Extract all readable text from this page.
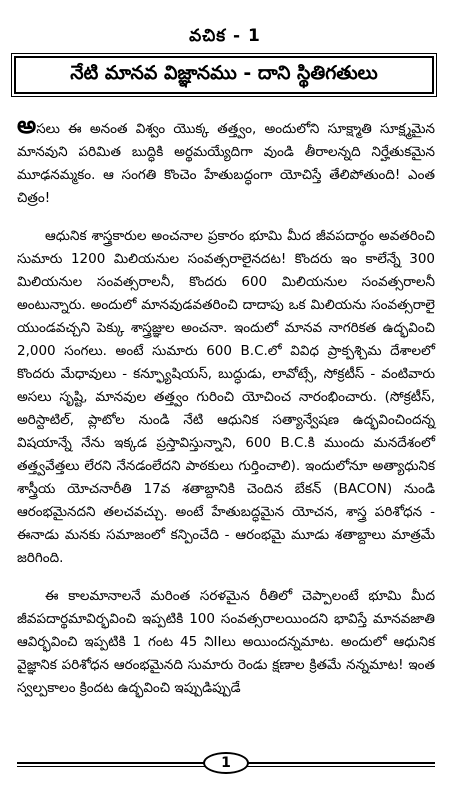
వచిక - 1
నేటి మానవ విజ్ఞానము - దాని స్థితిగతులు

అసలు ఈ అనంత విశ్వం యొక్క తత్త్వం, అందులోని సూక్ష్మాతి సూక్ష్మమైన మానవుని పరిమిత బుద్ధికి అర్థమయ్యేదిగా వుండి తీరాలన్నది నిర్హేతుకమైన మూఢనమ్మకం. ఆ సంగతి కొంచెం హేతుబద్ధంగా యోచిస్తే తేలిపోతుంది! ఎంత చిత్రం!

ఆధునిక శాస్త్రకారుల అంచనాల ప్రకారం భూమి మీద జీవపదార్థం అవతరించి సుమారు 1200 మిలియనుల సంవత్సరాలైనదట! కొందరు ఇం కాలేన్నే 300 మిలియనుల సంవత్సరాలనీ, కొందరు 600 మిలియనుల సంవత్సరాలనీ అంటున్నారు. అందులో మానవుడవతరించి దాదాపు ఒక మిలియను సంవత్సరాలై యుండవచ్చని పెక్కు శాస్త్రజ్ఞుల అంచనా. ఇందులో మానవ నాగరికత ఉద్భవించి 2,000 సంగలు. అంటే సుమారు 600 B.C.లో వివిధ ప్రాక్పశ్చిమ దేశాలలో కొందరు మేధావులు - కన్ఫ్యూషియస్, బుద్ధుడు, లావోట్సే, సోక్రటీస్ - వంటివారు అసలు సృష్టి, మానవుల తత్త్వం గురించి యోచించ నారంభించారు. (సోక్రటీస్, అరిస్టాటిల్, ప్లాటోల నుండి నేటి ఆధునిక సత్యాన్వేషణ ఉద్భవించిందన్న విషయాన్నే నేను ఇక్కడ ప్రస్తావిస్తున్నాని, 600 B.C.కి ముందు మనదేశంలో తత్త్వవేత్తలు లేరని నేనడంలేదని పాఠకులు గుర్తించాలి). ఇందులోనూ అత్యాధునిక శాస్త్రీయ యోచనారీతి 17వ శతాబ్దానికి చెందిన బేకన్ (BACON) నుండి ఆరంభమైనదని తలచవచ్చు. అంటే హేతుబద్ధమైన యోచన, శాస్త్ర పరిశోధన - ఈనాడు మనకు సమాజంలో కన్పించేది - ఆరంభమై మూడు శతాబ్దాలు మాత్రమే జరిగింది.

ఈ కాలమానాలనే మరింత సరళమైన రీతిలో చెప్పాలంటే భూమి మీద జీవపదార్థమావిర్భవించి ఇప్పటికి 100 సంవత్సరాలయిందని భావిస్తే మానవజాతి ఆవిర్భవించి ఇప్పటికి 1 గంట 45 నిIIలు అయిందన్నమాట. అందులో ఆధునిక వైజ్ఞానిక పరిశోధన ఆరంభమైనది సుమారు రెండు క్షణాల క్రితమే నన్నమాట! ఇంత స్వల్పకాలం క్రిందట ఉద్భవించి ఇప్పుడిప్పుడే

1
